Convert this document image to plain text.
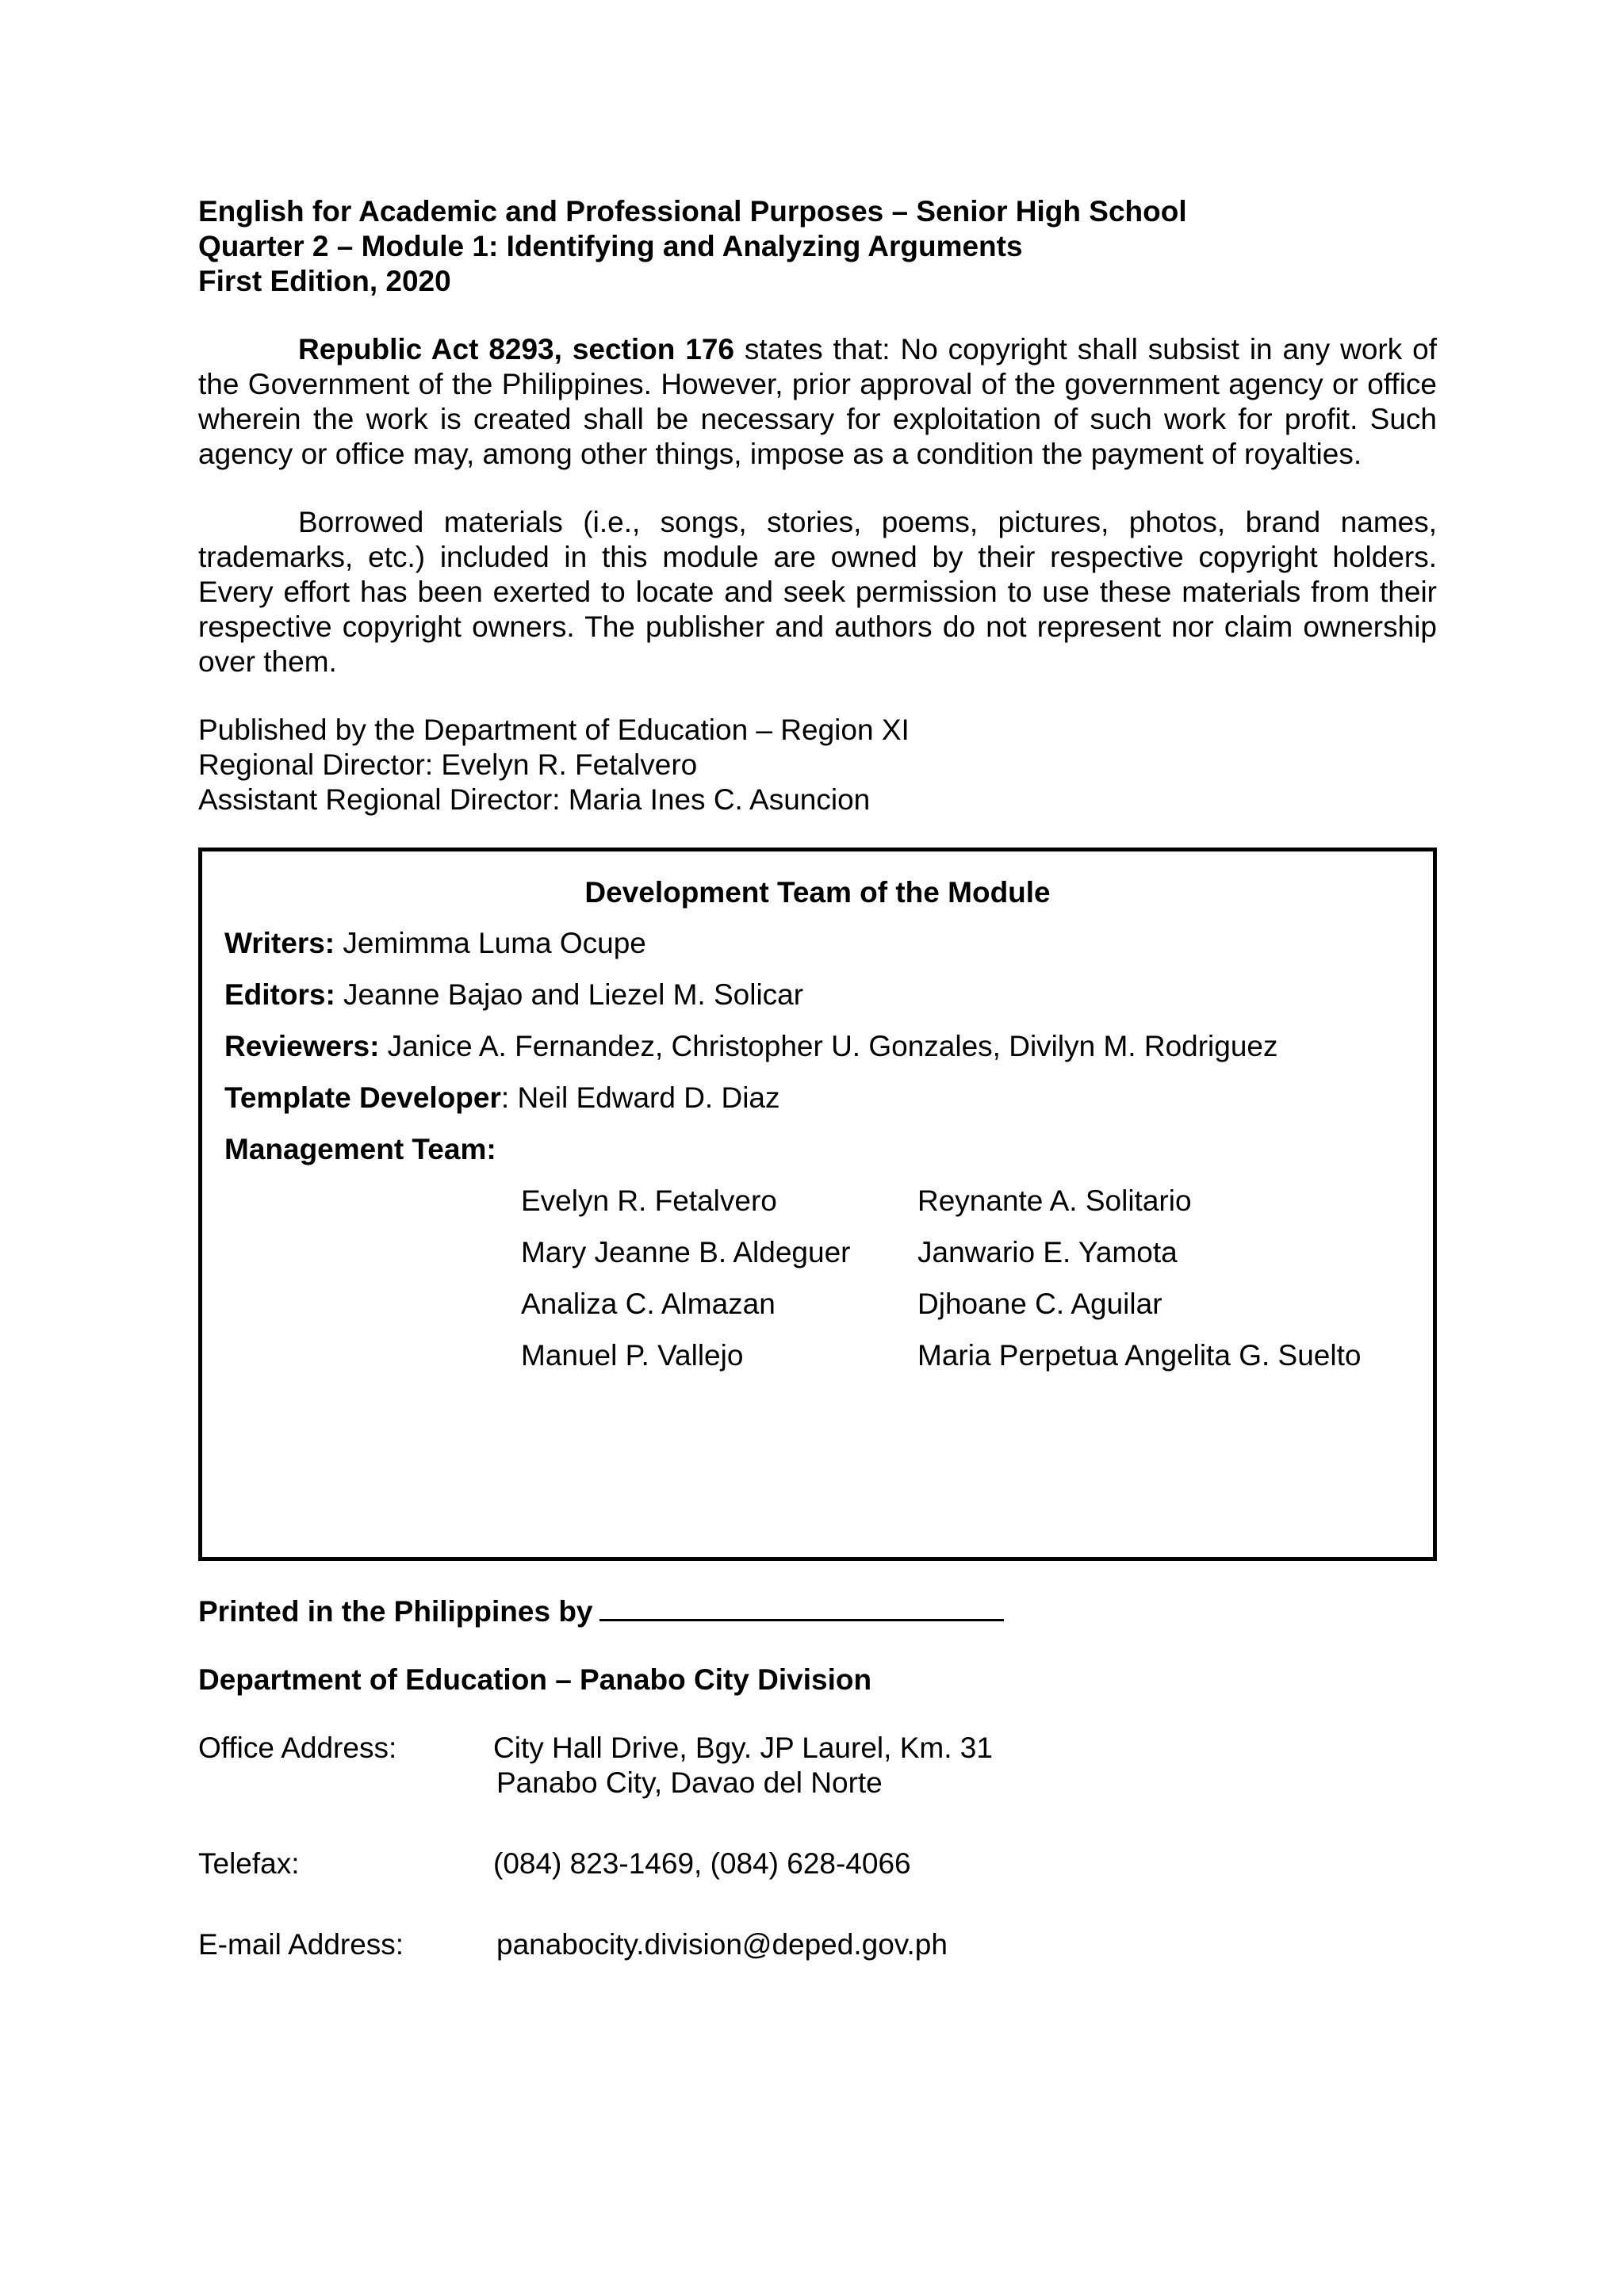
English for Academic and Professional Purposes – Senior High School
Quarter 2 – Module 1: Identifying and Analyzing Arguments
First Edition, 2020
Republic Act 8293, section 176 states that: No copyright shall subsist in any work of the Government of the Philippines. However, prior approval of the government agency or office wherein the work is created shall be necessary for exploitation of such work for profit. Such agency or office may, among other things, impose as a condition the payment of royalties.
Borrowed materials (i.e., songs, stories, poems, pictures, photos, brand names, trademarks, etc.) included in this module are owned by their respective copyright holders. Every effort has been exerted to locate and seek permission to use these materials from their respective copyright owners. The publisher and authors do not represent nor claim ownership over them.
Published by the Department of Education – Region XI
Regional Director: Evelyn R. Fetalvero
Assistant Regional Director: Maria Ines C. Asuncion
Development Team of the Module
Writers: Jemimma Luma Ocupe
Editors: Jeanne Bajao and Liezel M. Solicar
Reviewers: Janice A. Fernandez, Christopher U. Gonzales, Divilyn M. Rodriguez
Template Developer: Neil Edward D. Diaz
Management Team:
Evelyn R. Fetalvero	Reynante A. Solitario
Mary Jeanne B. Aldeguer	Janwario E. Yamota
Analiza C. Almazan	Djhoane C. Aguilar
Manuel P. Vallejo	Maria Perpetua Angelita G. Suelto
Printed in the Philippines by
Department of Education – Panabo City Division
Office Address:	City Hall Drive, Bgy. JP Laurel, Km. 31
Panabo City, Davao del Norte
Telefax:	(084) 823-1469, (084) 628-4066
E-mail Address:	panabocity.division@deped.gov.ph
